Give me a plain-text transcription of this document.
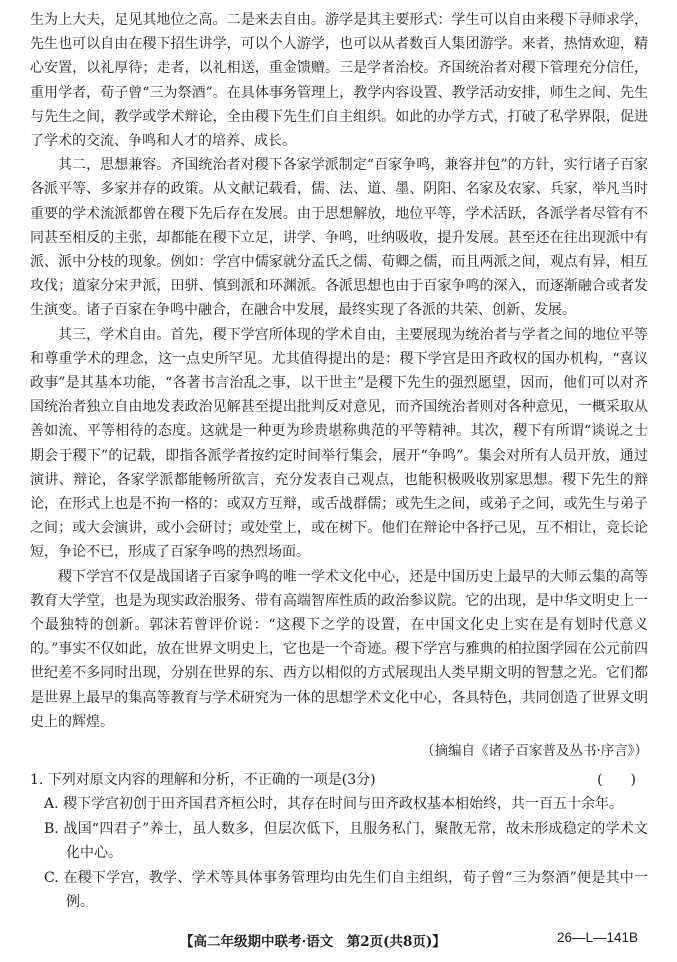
生为上大夫，足见其地位之高。二是来去自由。游学是其主要形式：学生可以自由来稷下寻师求学，先生也可以自由在稷下招生讲学，可以个人游学，也可以从者数百人集团游学。来者，热情欢迎，精心安置，以礼厚待；走者，以礼相送，重金馈赠。三是学者治校。齐国统治者对稷下管理充分信任，重用学者，荀子曾“三为祭酒”。在具体事务管理上，教学内容设置、教学活动安排，师生之间、先生与先生之间，教学或学术辩论，全由稷下先生们自主组织。如此的办学方式，打破了私学界限，促进了学术的交流、争鸣和人才的培养、成长。

其二，思想兼容。齐国统治者对稷下各家学派制定“百家争鸣，兼容并包”的方针，实行诸子百家各派平等、多家并存的政策。从文献记载看，儒、法、道、墨、阴阳、名家及农家、兵家，举凡当时重要的学术流派都曾在稷下先后存在发展。由于思想解放，地位平等，学术活跃，各派学者尽管有不同甚至相反的主张，却都能在稷下立足，讲学、争鸣，吐纳吸收，提升发展。甚至还在往出现派中有派、派中分枝的现象。例如：学宫中儒家就分孟氏之儒、荀卿之儒，而且两派之间，观点有异，相互攻伐；道家分宋尹派，田骈、慎到派和环渊派。各派思想也由于百家争鸣的深入，而逐渐融合或者发生演变。诸子百家在争鸣中融合，在融合中发展，最终实现了各派的共荣、创新、发展。

其三，学术自由。首先，稷下学宫所体现的学术自由，主要展现为统治者与学者之间的地位平等和尊重学术的理念，这一点史所罕见。尤其值得提出的是：稷下学宫是田齐政权的国办机构，“喜议政事”是其基本功能，“各著书言治乱之事，以干世主”是稷下先生的强烈愿望，因而，他们可以对齐国统治者独立自由地发表政治见解甚至提出批判反对意见，而齐国统治者则对各种意见，一概采取从善如流、平等相待的态度。这就是一种更为珍贵堪称典范的平等精神。其次，稷下有所谓“谈说之士期会于稷下”的记载，即指各派学者按约定时间举行集会，展开“争鸣”。集会对所有人员开放，通过演讲、辩论，各家学派都能畅所欲言，充分发表自己观点，也能积极吸收别家思想。稷下先生的辩论，在形式上也是不拘一格的：或双方互辩，或舌战群儒；或先生之间，或弟子之间，或先生与弟子之间；或大会演讲，或小会研讨；或处堂上，或在树下。他们在辩论中各抒己见，互不相让，竞长论短，争论不已，形成了百家争鸣的热烈场面。

稷下学宫不仅是战国诸子百家争鸣的唯一学术文化中心，还是中国历史上最早的大师云集的高等教育大学堂，也是为现实政治服务、带有高端智库性质的政治参议院。它的出现，是中华文明史上一个最独特的创新。郭沫若曾评价说：“这稷下之学的设置，在中国文化史上实在是有划时代意义的。”事实不仅如此，放在世界文明史上，它也是一个奇迹。稷下学宫与雅典的柏拉图学园在公元前四世纪差不多同时出现，分别在世界的东、西方以相似的方式展现出人类早期文明的智慧之光。它们都是世界上最早的集高等教育与学术研究为一体的思想学术文化中心，各具特色，共同创造了世界文明史上的辉煌。

（摘编自《诸子百家普及丛书·序言》）

1. 下列对原文内容的理解和分析，不正确的一项是(3分)	(　　)

A. 稷下学宫初创于田齐国君齐桓公时，其存在时间与田齐政权基本相始终，共一百五十余年。

B. 战国“四君子”养士，虽人数多，但层次低下，且服务私门，聚散无常，故未形成稳定的学术文化中心。

C. 在稷下学宫，教学、学术等具体事务管理均由先生们自主组织，荀子曾“三为祭酒”便是其中一例。

【高二年级期中联考·语文　第2页(共8页)】	26—L—141B
